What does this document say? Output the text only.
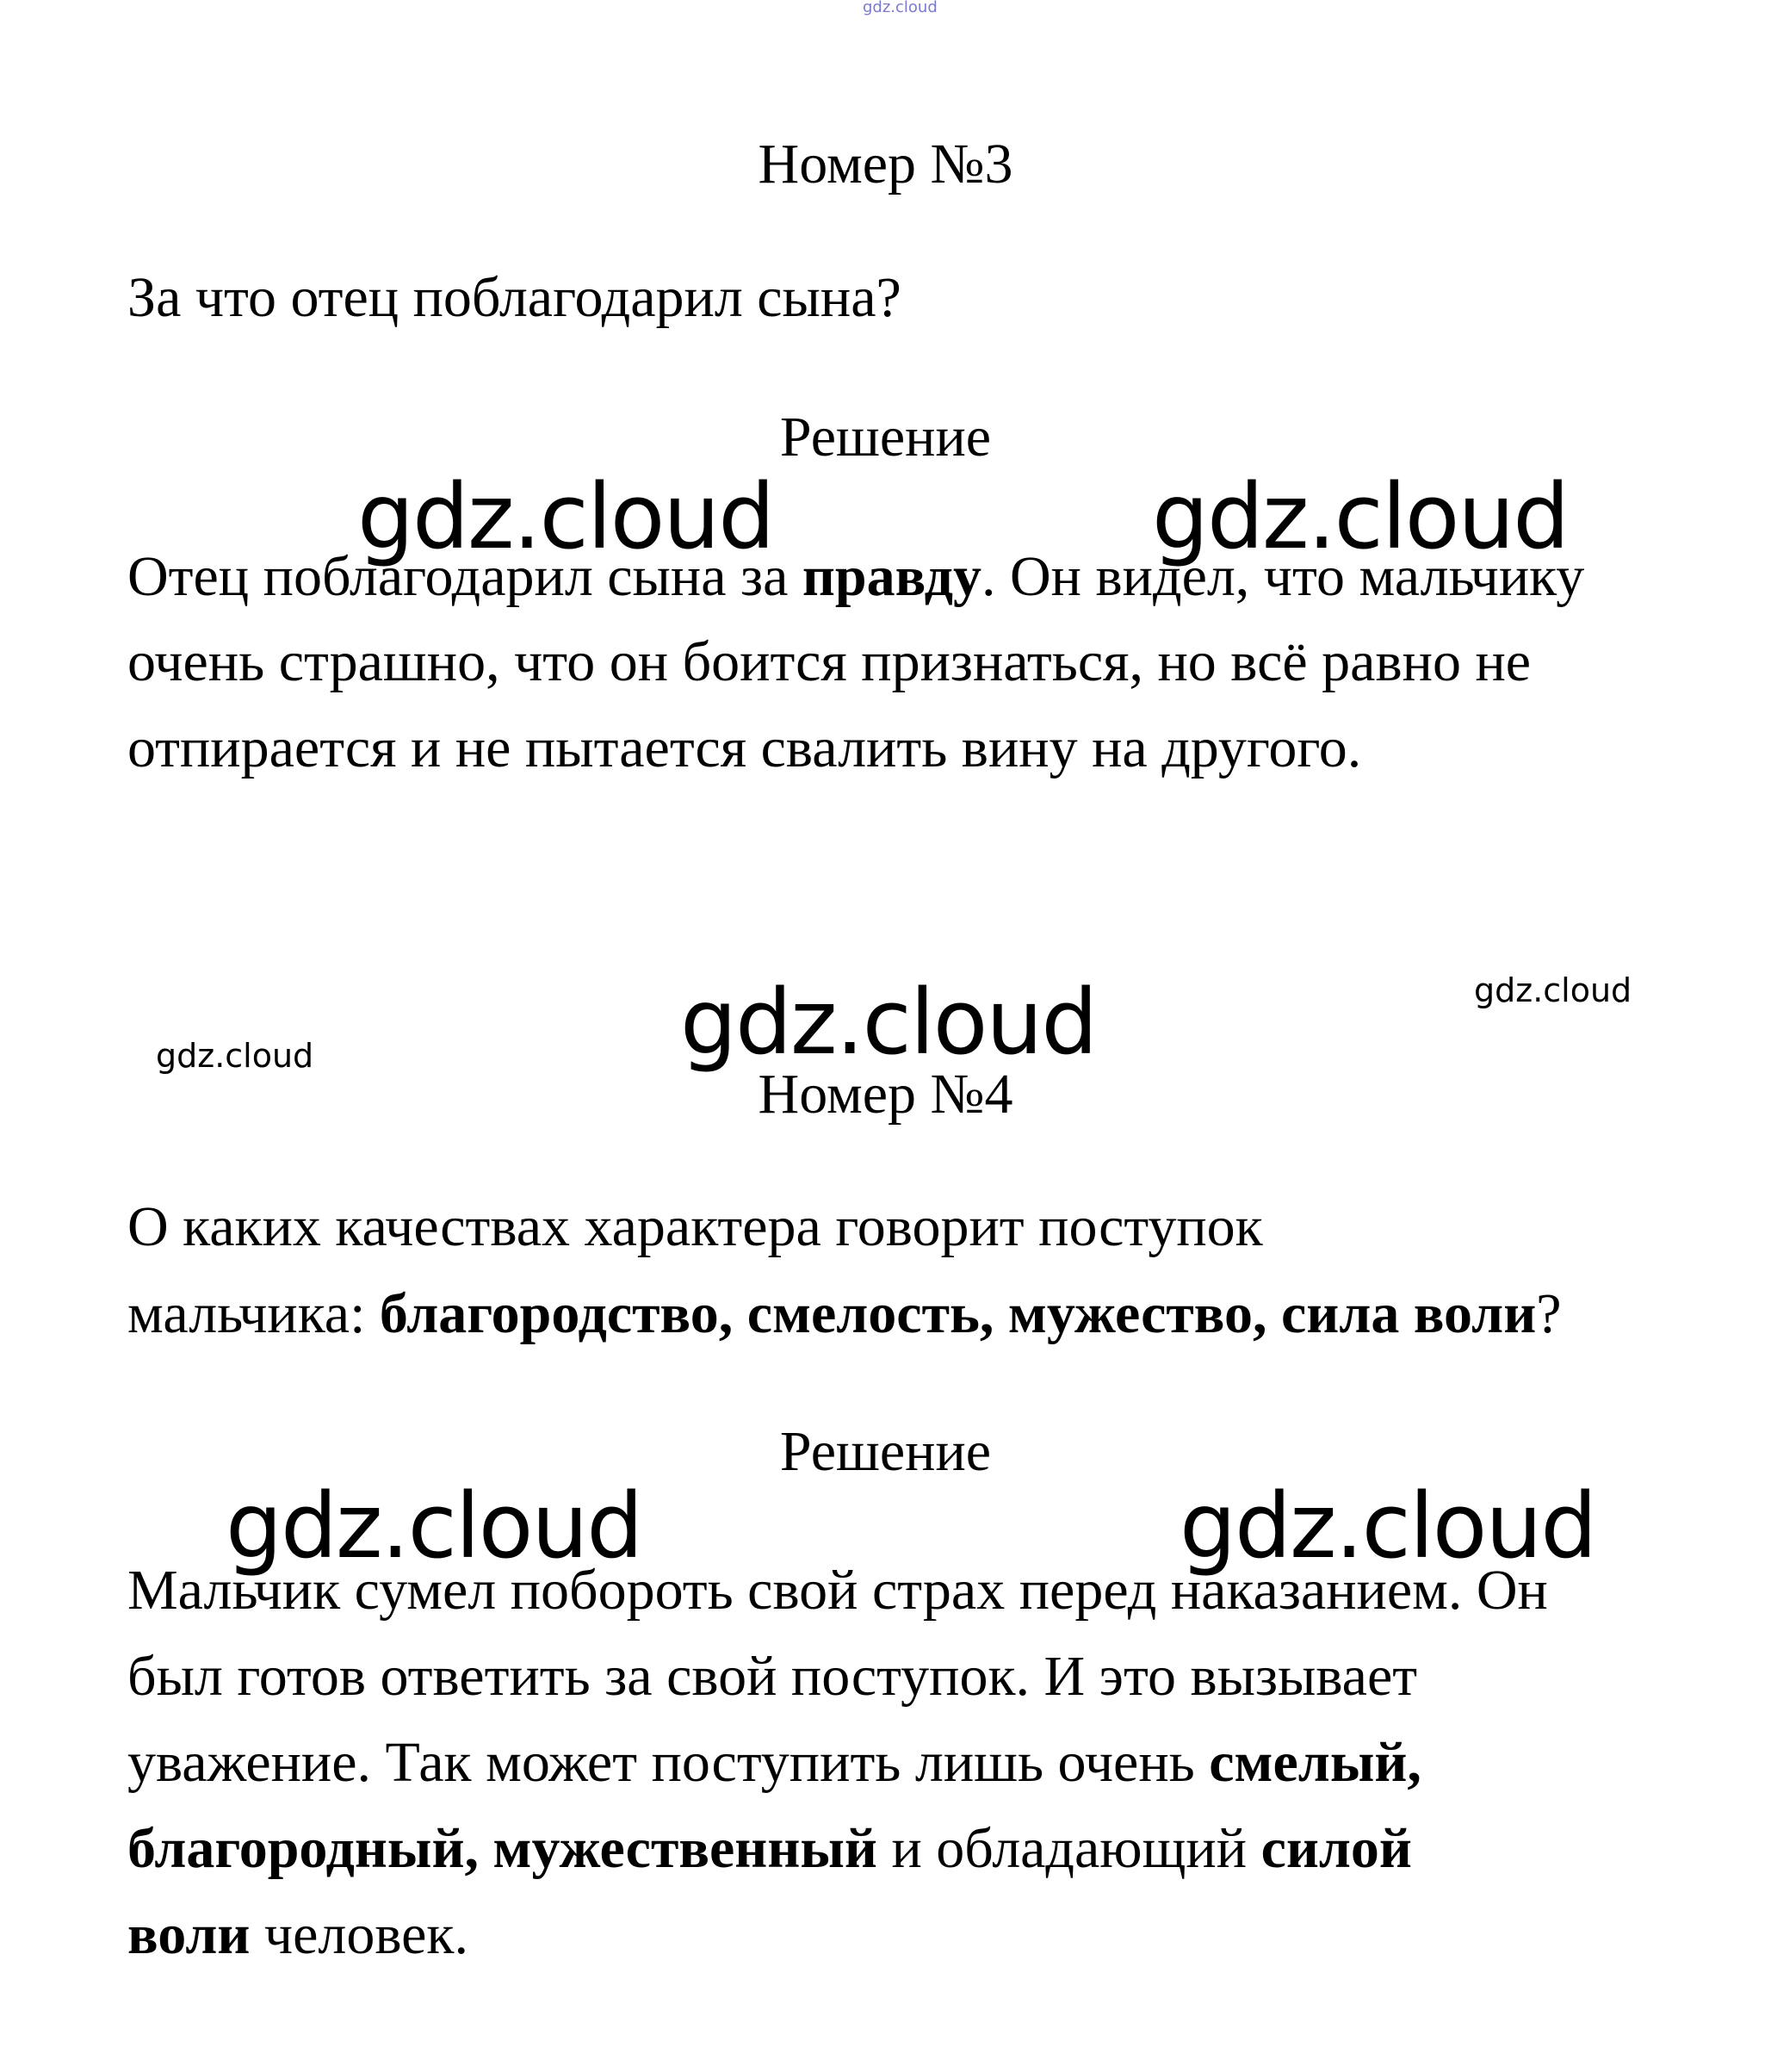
gdz.cloud

Номер №3

За что отец поблагодарил сына?

Решение

gdz.cloud	gdz.cloud

Отец поблагодарил сына за правду. Он видел, что мальчику

очень страшно, что он боится признаться, но всё равно не

отпирается и не пытается свалить вину на другого.

gdz.cloud
gdz.cloud
gdz.cloud

Номер №4

О каких качествах характера говорит поступок

мальчика: благородство, смелость, мужество, сила воли?

Решение

gdz.cloud	gdz.cloud

Мальчик сумел побороть свой страх перед наказанием. Он

был готов ответить за свой поступок. И это вызывает

уважение. Так может поступить лишь очень смелый,

благородный, мужественный и обладающий силой

воли человек.
